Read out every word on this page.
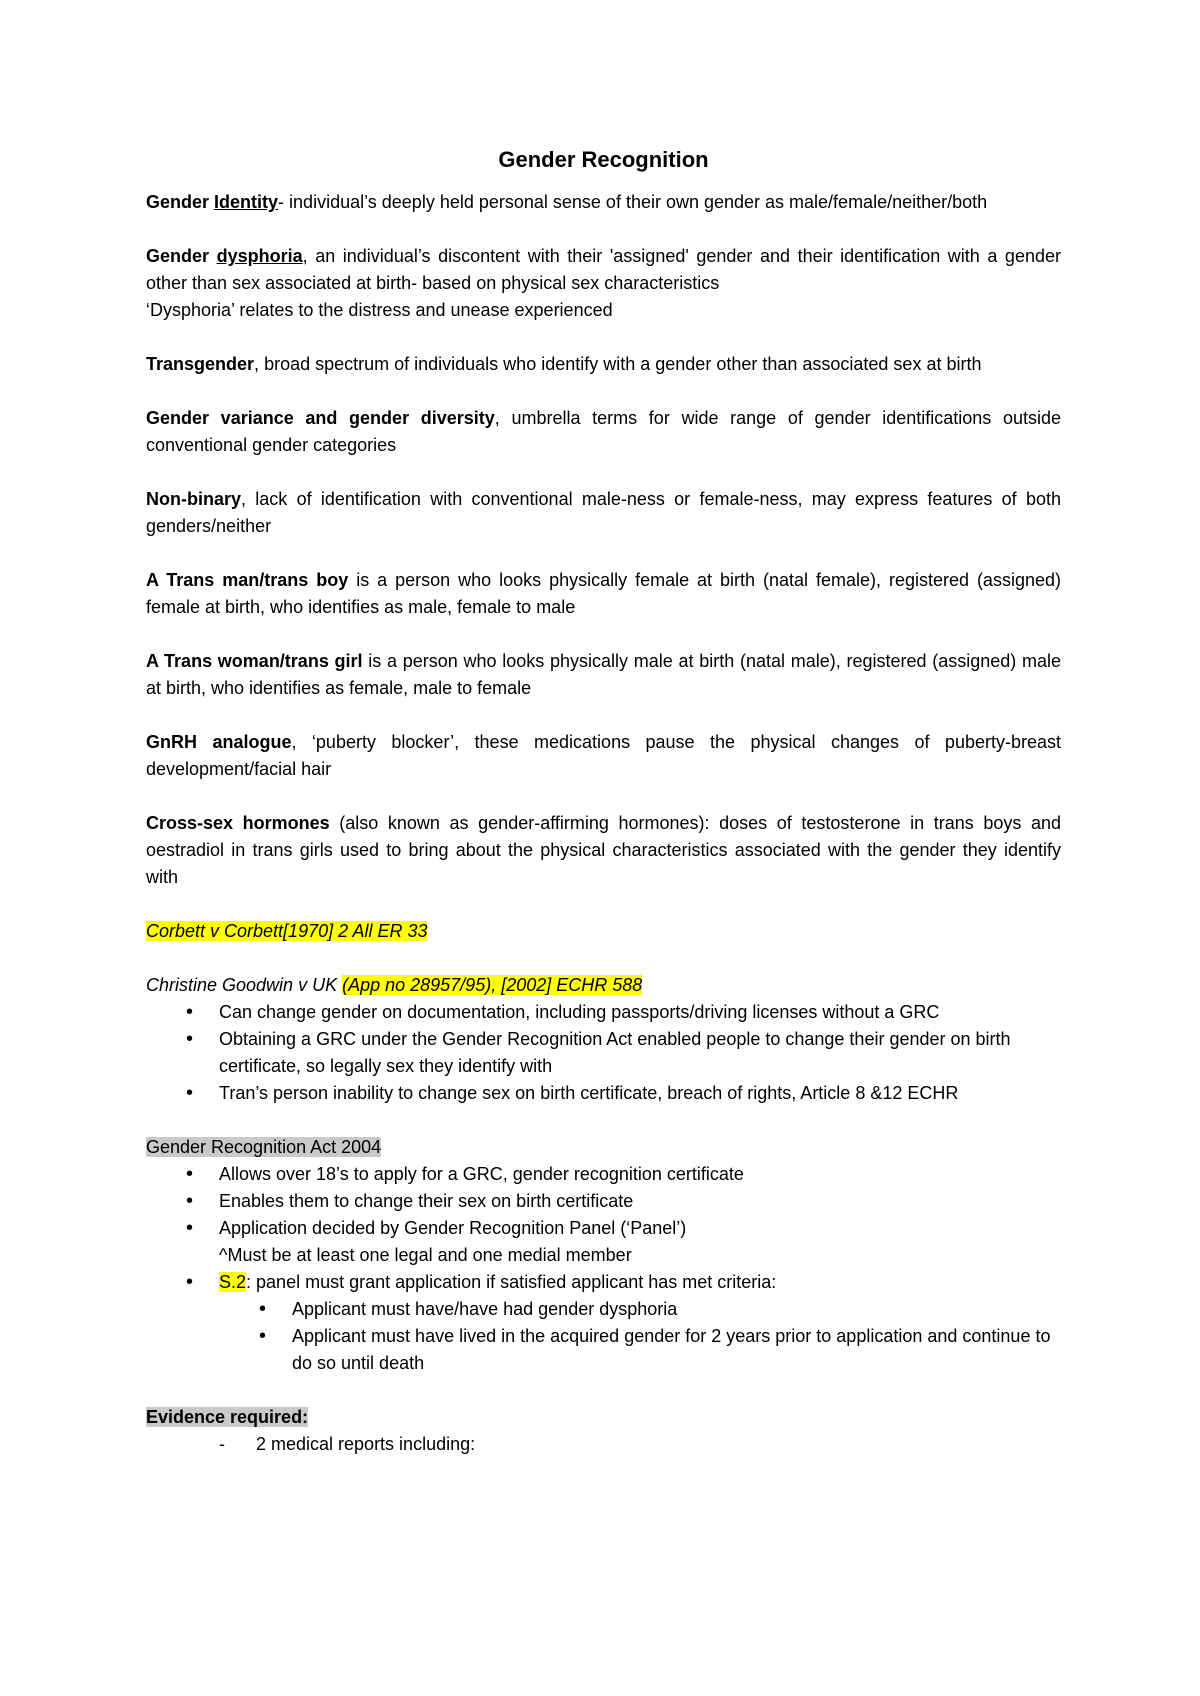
Gender Recognition

Gender Identity- individual’s deeply held personal sense of their own gender as male/female/neither/both

Gender dysphoria, an individual’s discontent with their 'assigned' gender and their identification with a gender other than sex associated at birth- based on physical sex characteristics

‘Dysphoria’ relates to the distress and unease experienced

Transgender, broad spectrum of individuals who identify with a gender other than associated sex at birth

Gender variance and gender diversity, umbrella terms for wide range of gender identifications outside conventional gender categories

Non-binary, lack of identification with conventional male-ness or female-ness, may express features of both genders/neither

A Trans man/trans boy is a person who looks physically female at birth (natal female), registered (assigned) female at birth, who identifies as male, female to male

A Trans woman/trans girl is a person who looks physically male at birth (natal male), registered (assigned) male at birth, who identifies as female, male to female

GnRH analogue, ‘puberty blocker’, these medications pause the physical changes of puberty-breast development/facial hair

Cross-sex hormones (also known as gender-affirming hormones): doses of testosterone in trans boys and oestradiol in trans girls used to bring about the physical characteristics associated with the gender they identify with

Corbett v Corbett[1970] 2 All ER 33

Christine Goodwin v UK (App no 28957/95), [2002] ECHR 588

• Can change gender on documentation, including passports/driving licenses without a GRC
• Obtaining a GRC under the Gender Recognition Act enabled people to change their gender on birth certificate, so legally sex they identify with
• Tran’s person inability to change sex on birth certificate, breach of rights, Article 8 &12 ECHR

Gender Recognition Act 2004

• Allows over 18’s to apply for a GRC, gender recognition certificate
• Enables them to change their sex on birth certificate
• Application decided by Gender Recognition Panel (‘Panel’)

^Must be at least one legal and one medial member

• S.2: panel must grant application if satisfied applicant has met criteria:
• Applicant must have/have had gender dysphoria
• Applicant must have lived in the acquired gender for 2 years prior to application and continue to do so until death

Evidence required:

- 2 medical reports including:
